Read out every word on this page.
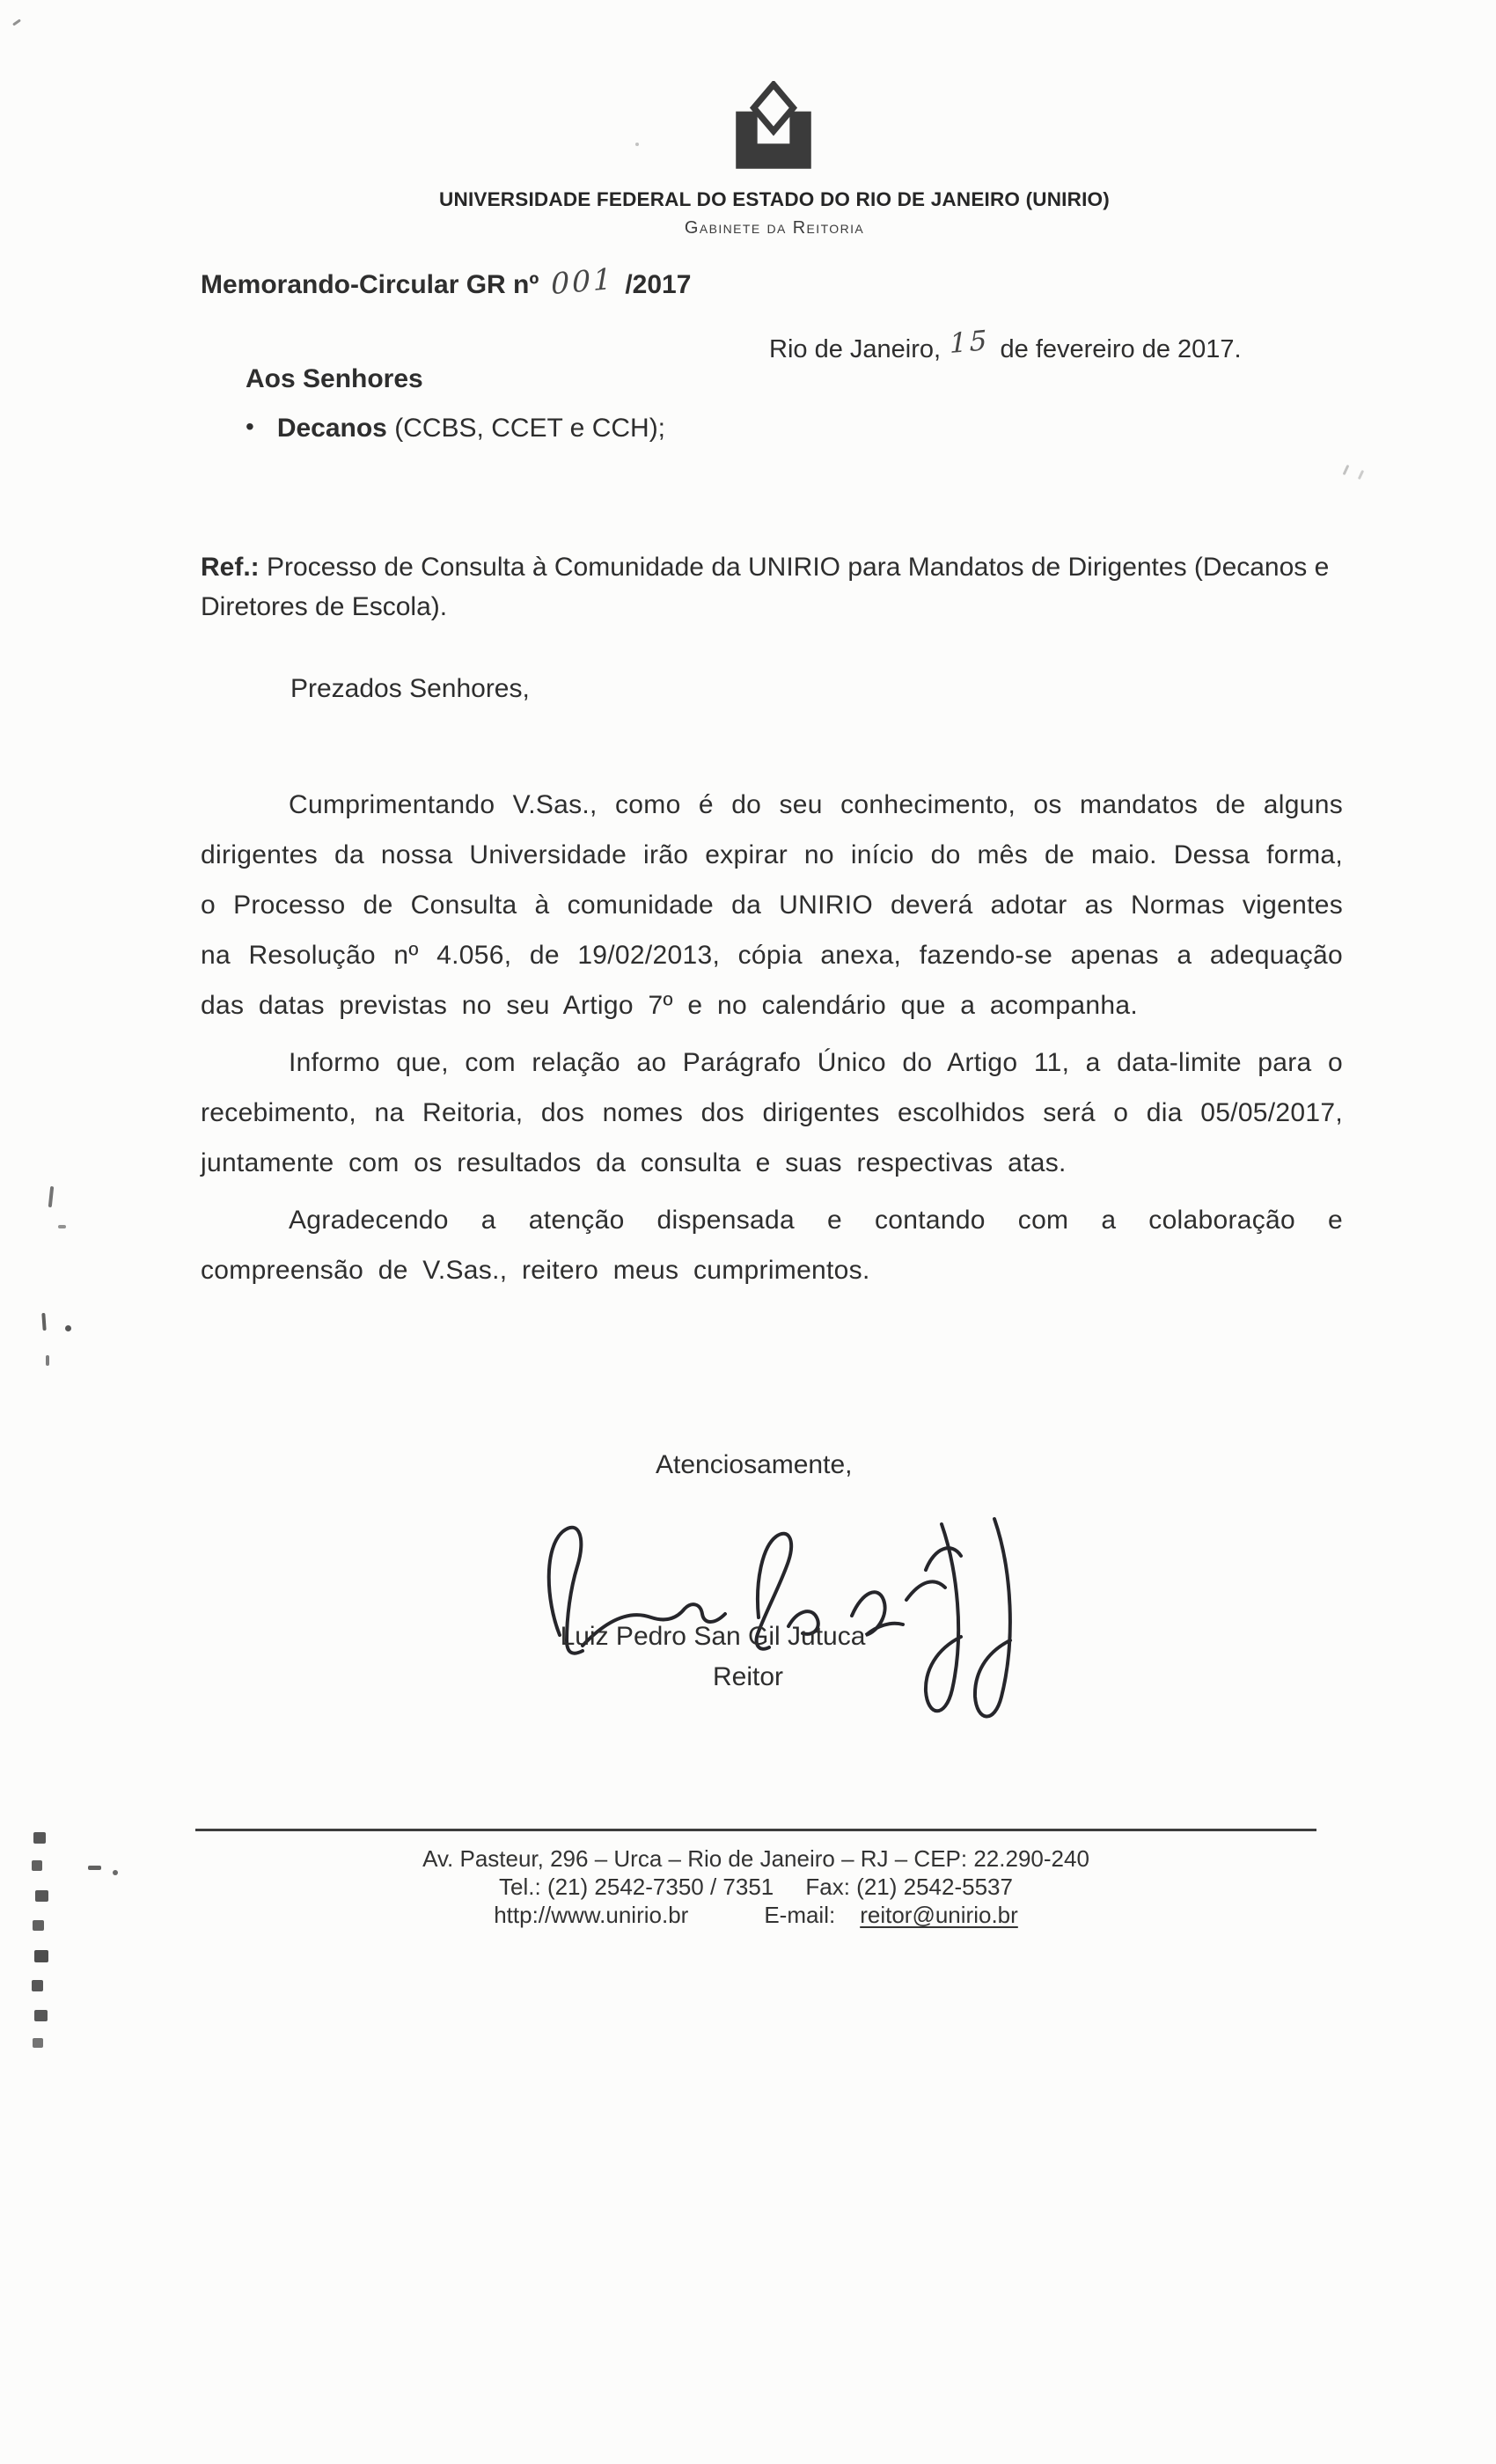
UNIVERSIDADE FEDERAL DO ESTADO DO RIO DE JANEIRO (UNIRIO)
Gabinete da Reitoria
Memorando-Circular GR nº 001 /2017
Rio de Janeiro, 15 de fevereiro de 2017.
Aos Senhores
• Decanos (CCBS, CCET e CCH);
Ref.: Processo de Consulta à Comunidade da UNIRIO para Mandatos de Dirigentes (Decanos e Diretores de Escola).
Prezados Senhores,

Cumprimentando V.Sas., como é do seu conhecimento, os mandatos de alguns dirigentes da nossa Universidade irão expirar no início do mês de maio. Dessa forma, o Processo de Consulta à comunidade da UNIRIO deverá adotar as Normas vigentes na Resolução nº 4.056, de 19/02/2013, cópia anexa, fazendo-se apenas a adequação das datas previstas no seu Artigo 7º e no calendário que a acompanha.

Informo que, com relação ao Parágrafo Único do Artigo 11, a data-limite para o recebimento, na Reitoria, dos nomes dos dirigentes escolhidos será o dia 05/05/2017, juntamente com os resultados da consulta e suas respectivas atas.

Agradecendo a atenção dispensada e contando com a colaboração e compreensão de V.Sas., reitero meus cumprimentos.

Atenciosamente,
Luiz Pedro San Gil Jutuca
Reitor
Av. Pasteur, 296 – Urca – Rio de Janeiro – RJ – CEP: 22.290-240
Tel.: (21) 2542-7350 / 7351     Fax: (21) 2542-5537
http://www.unirio.br	E-mail: reitor@unirio.br
